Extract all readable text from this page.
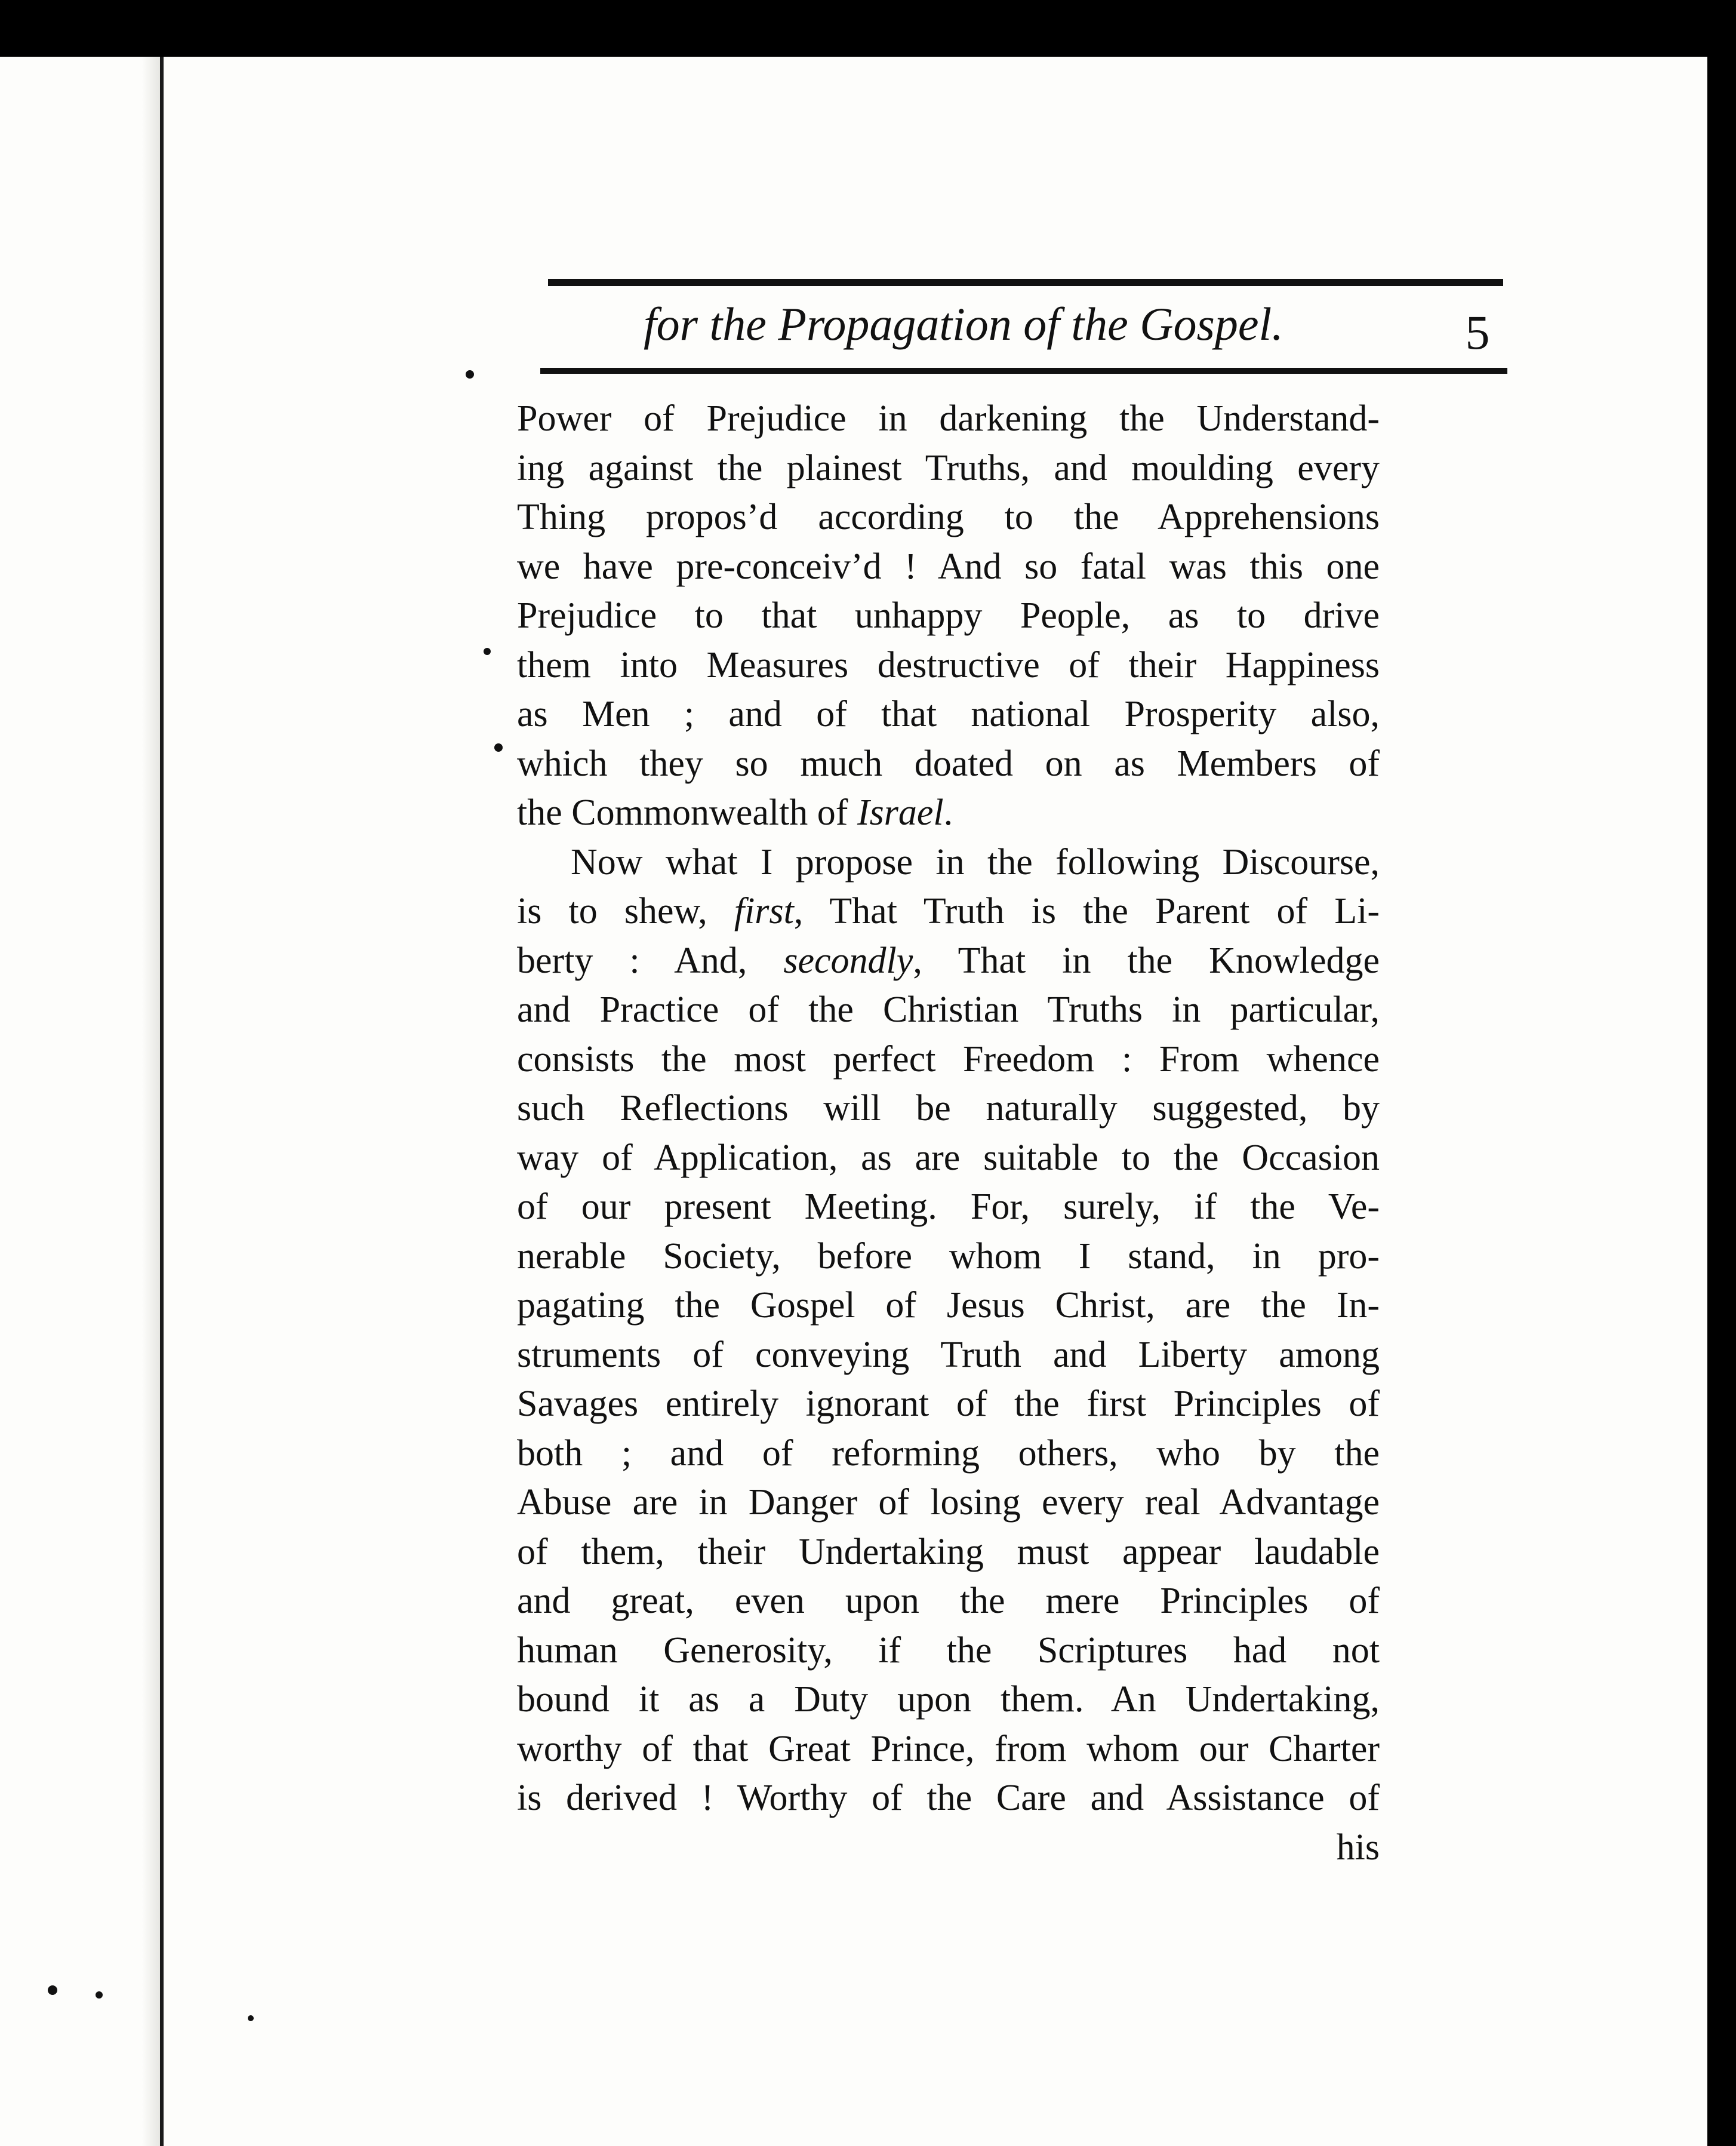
for the Propagation of the Gospel.	5
Power of Prejudice in darkening the Understand-
ing against the plainest Truths, and moulding every
Thing propos’d according to the Apprehensions
we have pre-conceiv’d ! And so fatal was this one
Prejudice to that unhappy People, as to drive
them into Measures destructive of their Happiness
as Men ; and of that national Prosperity also,
which they so much doated on as Members of
the Commonwealth of Israel.
Now what I propose in the following Discourse,
is to shew, first, That Truth is the Parent of Li-
berty : And, secondly, That in the Knowledge
and Practice of the Christian Truths in particular,
consists the most perfect Freedom : From whence
such Reflections will be naturally suggested, by
way of Application, as are suitable to the Occasion
of our present Meeting. For, surely, if the Ve-
nerable Society, before whom I stand, in pro-
pagating the Gospel of Jesus Christ, are the In-
struments of conveying Truth and Liberty among
Savages entirely ignorant of the first Principles of
both ; and of reforming others, who by the
Abuse are in Danger of losing every real Advantage
of them, their Undertaking must appear laudable
and great, even upon the mere Principles of
human Generosity, if the Scriptures had not
bound it as a Duty upon them. An Undertaking,
worthy of that Great Prince, from whom our Charter
is derived ! Worthy of the Care and Assistance of
his
